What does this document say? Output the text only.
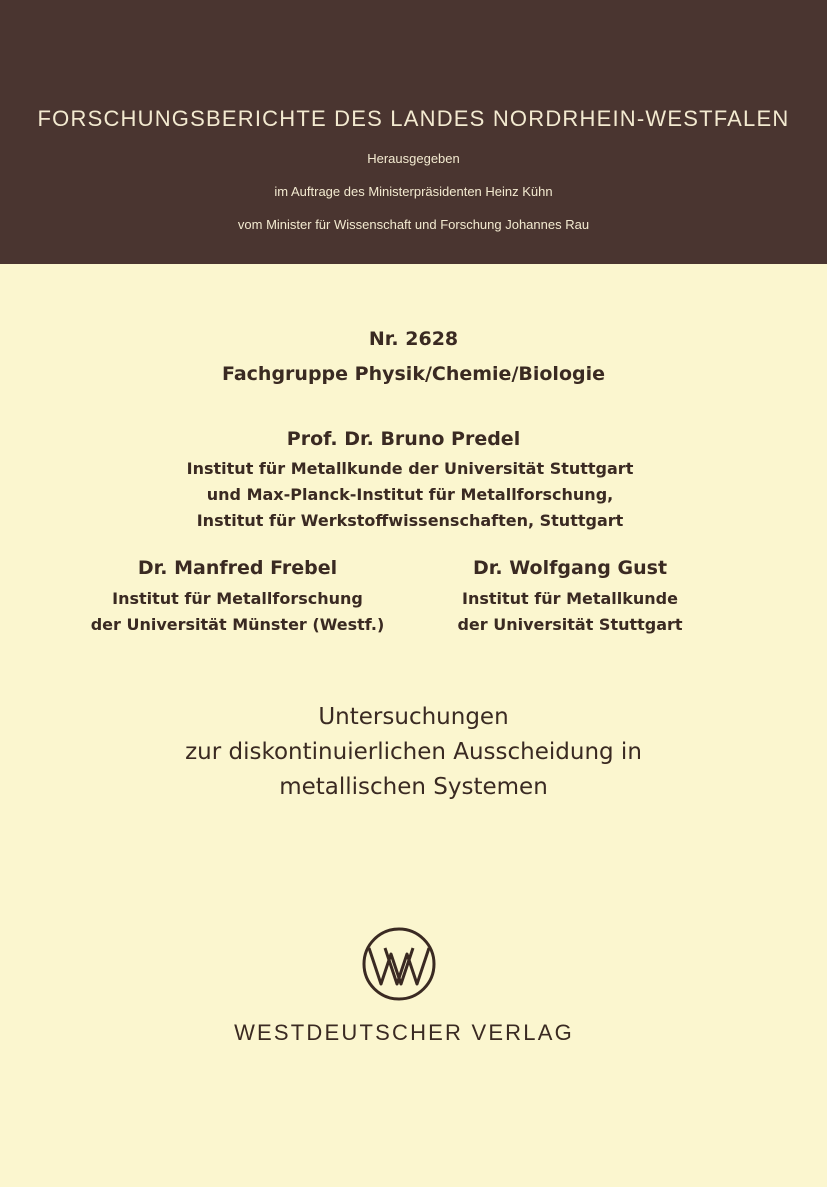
FORSCHUNGSBERICHTE DES LANDES NORDRHEIN-WESTFALEN
Herausgegeben
im Auftrage des Ministerpräsidenten Heinz Kühn
vom Minister für Wissenschaft und Forschung Johannes Rau
Nr. 2628
Fachgruppe Physik/Chemie/Biologie
Prof. Dr. Bruno Predel
Institut für Metallkunde der Universität Stuttgart
und Max-Planck-Institut für Metallforschung,
Institut für Werkstoffwissenschaften, Stuttgart
Dr. Manfred Frebel
Institut für Metallforschung
der Universität Münster (Westf.)
Dr. Wolfgang Gust
Institut für Metallkunde
der Universität Stuttgart
Untersuchungen
zur diskontinuierlichen Ausscheidung in
metallischen Systemen
WESTDEUTSCHER VERLAG
